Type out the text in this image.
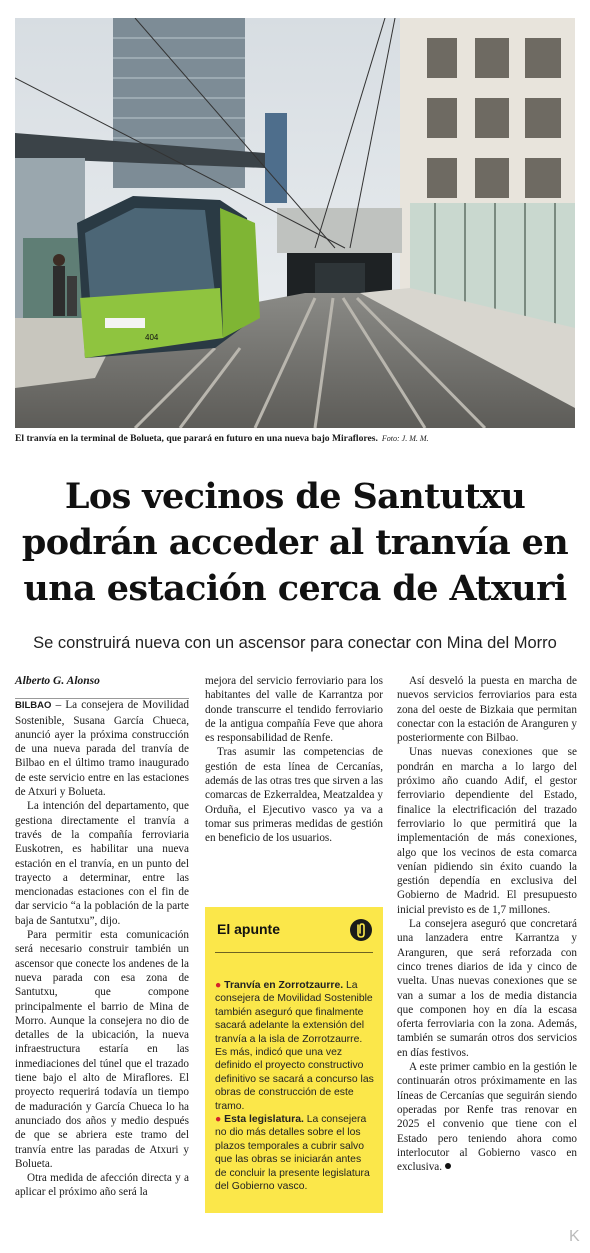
404
El tranvía en la terminal de Bolueta, que parará en futuro en una nueva bajo Miraflores. Foto: J. M. M.
Los vecinos de Santutxu podrán acceder al tranvía en una estación cerca de Atxuri
Se construirá nueva con un ascensor para conectar con Mina del Morro

Alberto G. Alonso

BILBAO – La consejera de Movilidad Sostenible, Susana García Chueca, anunció ayer la próxima construcción de una nueva parada del tranvía de Bilbao en el último tramo inaugurado de este servicio entre en las estaciones de Atxuri y Bolueta.

La intención del departamento, que gestiona directamente el tranvía a través de la compañía ferroviaria Euskotren, es habilitar una nueva estación en el tranvía, en un punto del trayecto a determinar, entre las mencionadas estaciones con el fin de dar servicio “a la población de la parte baja de Santutxu”, dijo.

Para permitir esta comunicación será necesario construir también un ascensor que conecte los andenes de la nueva parada con esa zona de Santutxu, que compone principalmente el barrio de Mina de Morro. Aunque la consejera no dio de detalles de la ubicación, la nueva infraestructura estaría en las inmediaciones del túnel que el trazado tiene bajo el alto de Miraflores. El proyecto requerirá todavía un tiempo de maduración y García Chueca lo ha anunciado dos años y medio después de que se abriera este tramo del tranvía entre las paradas de Atxuri y Bolueta.

Otra medida de afección directa y a aplicar el próximo año será la

mejora del servicio ferroviario para los habitantes del valle de Karrantza por donde transcurre el tendido ferroviario de la antigua compañía Feve que ahora es responsabilidad de Renfe.

Tras asumir las competencias de gestión de esta línea de Cercanías, además de las otras tres que sirven a las comarcas de Ezkerraldea, Meatzaldea y Orduña, el Ejecutivo vasco ya va a tomar sus primeras medidas de gestión en beneficio de los usuarios.

El apunte

● Tranvía en Zorrotzaurre. La consejera de Movilidad Sostenible también aseguró que finalmente sacará adelante la extensión del tranvía a la isla de Zorrotzaurre. Es más, indicó que una vez definido el proyecto constructivo definitivo se sacará a concurso las obras de construcción de este tramo.

● Esta legislatura. La consejera no dio más detalles sobre el los plazos temporales a cubrir salvo que las obras se iniciarán antes de concluir la presente legislatura del Gobierno vasco.

Así desveló la puesta en marcha de nuevos servicios ferroviarios para esta zona del oeste de Bizkaia que permitan conectar con la estación de Aranguren y posteriormente con Bilbao.

Unas nuevas conexiones que se pondrán en marcha a lo largo del próximo año cuando Adif, el gestor ferroviario dependiente del Estado, finalice la electrificación del trazado ferroviario lo que permitirá que la implementación de más conexiones, algo que los vecinos de esta comarca venían pidiendo sin éxito cuando la gestión dependía en exclusiva del Gobierno de Madrid. El presupuesto inicial previsto es de 1,7 millones.

La consejera aseguró que concretará una lanzadera entre Karrantza y Aranguren, que será reforzada con cinco trenes diarios de ida y cinco de vuelta. Unas nuevas conexiones que se van a sumar a los de media distancia que componen hoy en día la escasa oferta ferroviaria con la zona. Además, también se sumarán otros dos servicios en días festivos.

A este primer cambio en la gestión le continuarán otros próximamente en las líneas de Cercanías que seguirán siendo operadas por Renfe tras renovar en 2025 el convenio que tiene con el Estado pero teniendo ahora como interlocutor al Gobierno vasco en exclusiva.

K
